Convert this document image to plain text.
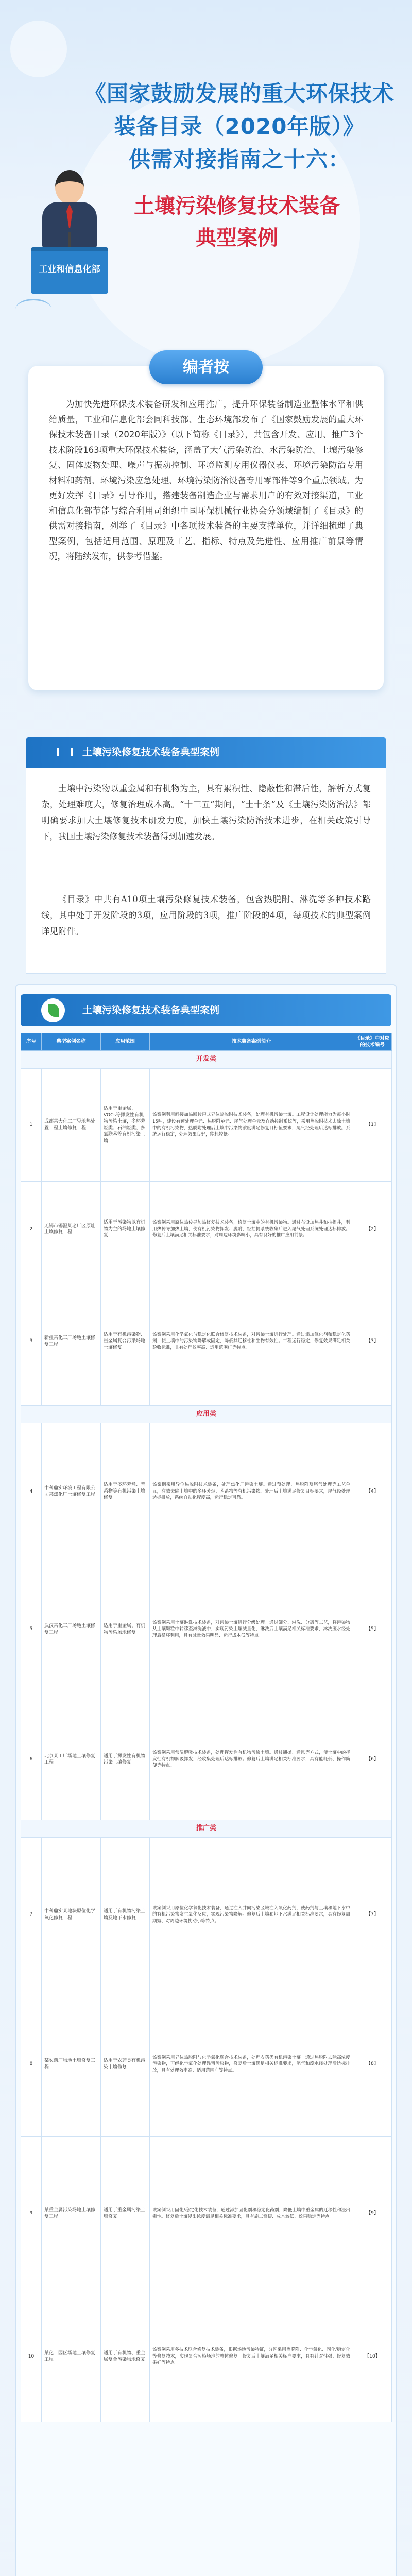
《国家鼓励发展的重大环保技术
装备目录（2020年版）》
供需对接指南之十六：
土壤污染修复技术装备
典型案例
工业和信息化部
编者按
为加快先进环保技术装备研发和应用推广，提升环保装备制造业整体水平和供给质量，工业和信息化部会同科技部、生态环境部发布了《国家鼓励发展的重大环保技术装备目录（2020年版）》（以下简称《目录》），共包含开发、应用、推广3个技术阶段163项重大环保技术装备，涵盖了大气污染防治、水污染防治、土壤污染修复、固体废物处理、噪声与振动控制、环境监测专用仪器仪表、环境污染防治专用材料和药剂、环境污染应急处理、环境污染防治设备专用零部件等9个重点领域。为更好发挥《目录》引导作用，搭建装备制造企业与需求用户的有效对接渠道，工业和信息化部节能与综合利用司组织中国环保机械行业协会分领域编制了《目录》的供需对接指南，列举了《目录》中各项技术装备的主要支撑单位，并详细梳理了典型案例，包括适用范围、原理及工艺、指标、特点及先进性、应用推广前景等情况，将陆续发布，供参考借鉴。
土壤污染修复技术装备典型案例
土壤中污染物以重金属和有机物为主，具有累积性、隐蔽性和滞后性，解析方式复杂，处理难度大，修复治理成本高。“十三五”期间，“土十条”及《土壤污染防治法》都明确要求加大土壤修复技术研发力度，加快土壤污染防治技术进步，在相关政策引导下，我国土壤污染修复技术装备得到加速发展。
《目录》中共有A10项土壤污染修复技术装备，包含热脱附、淋洗等多种技术路线，其中处于开发阶段的3项，应用阶段的3项，推广阶段的4项，每项技术的典型案例详见附件。
土壤污染修复技术装备典型案例
序号	典型案例名称	应用范围	技术装备案例简介	《目录》中对应的技术编号
开发类				
1	成都某大化工厂异地热处置工程土壤修复工程	适用于重金属、VOCs等挥发性有机物污染土壤，多环芳烃类、石油烃类、多氯联苯等有机污染土壤	该案例利用间接加热回转窑式异位热脱附技术装备，处理有机污染土壤。工程设计处理能力为每小时15吨，建设有预处理单元、热脱附单元、尾气处理单元及自动控制系统等，采用热脱附技术去除土壤中的有机污染物，热脱附处理后土壤中污染物浓度满足修复目标值要求，尾气经处理后达标排放。系统运行稳定，处理效果良好，能耗较低。	【1】
2	无锡市锡澄某老厂区原址土壤修复工程	适用于污染物以有机物为主的场地土壤修复	该案例采用原位热传导加热修复技术装备，修复土壤中的有机污染物。通过布设加热井和抽提井，利用热传导加热土壤，使有机污染物挥发、脱附，经抽提系统收集后进入尾气处理系统处理达标排放。修复后土壤满足相关标准要求，对周边环境影响小，具有良好的推广应用前景。	【2】
3	新疆某化工厂场地土壤修复工程	适用于有机污染物、重金属复合污染场地土壤修复	该案例采用化学氧化与稳定化联合修复技术装备，对污染土壤进行处理。通过添加氧化剂和稳定化药剂，使土壤中的污染物降解或固定，降低其迁移性和生物有效性。工程运行稳定，修复效果满足相关验收标准，具有处理效率高、适用范围广等特点。	【3】
应用类				
4	中科鼎实环境工程有限公司某焦化厂土壤修复工程	适用于多环芳烃、苯系物等有机污染土壤修复	该案例采用异位热脱附技术装备，处理焦化厂污染土壤。通过预处理、热脱附及尾气处理等工艺单元，有效去除土壤中的多环芳烃、苯系物等有机污染物。处理后土壤满足修复目标要求，尾气经处理达标排放，系统自动化程度高，运行稳定可靠。	【4】
5	武汉某化工厂场地土壤修复工程	适用于重金属、有机物污染场地修复	该案例采用土壤淋洗技术装备，对污染土壤进行分级处理。通过筛分、淋洗、分离等工艺，将污染物从土壤颗粒中转移至淋洗液中，实现污染土壤减量化，淋洗后土壤满足相关标准要求，淋洗废水经处理后循环利用，具有减量效果明显、运行成本低等特点。	【5】
6	北京某工厂场地土壤修复工程	适用于挥发性有机物污染土壤修复	该案例采用常温解吸技术装备，处理挥发性有机物污染土壤。通过翻抛、通风等方式，使土壤中的挥发性有机物解吸挥发，经收集处理后达标排放。修复后土壤满足相关标准要求，具有能耗低、操作简便等特点。	【6】
推广类				
7	中科鼎实某地块原位化学氧化修复工程	适用于有机物污染土壤及地下水修复	该案例采用原位化学氧化技术装备，通过注入井向污染区域注入氧化药剂，使药剂与土壤和地下水中的有机污染物发生氧化反应，实现污染物降解。修复后土壤和地下水满足相关标准要求，具有修复周期短、对周边环境扰动小等特点。	【7】
8	某农药厂场地土壤修复工程	适用于农药类有机污染土壤修复	该案例采用异位热脱附与化学氧化联合技术装备，处理农药类有机污染土壤。通过热脱附去除高浓度污染物，再经化学氧化处理残留污染物，修复后土壤满足相关标准要求，尾气和废水经处理后达标排放，具有处理效率高、适用范围广等特点。	【8】
9	某重金属污染场地土壤修复工程	适用于重金属污染土壤修复	该案例采用固化/稳定化技术装备，通过添加固化剂和稳定化药剂，降低土壤中重金属的迁移性和浸出毒性。修复后土壤浸出浓度满足相关标准要求，具有施工简便、成本较低、效果稳定等特点。	【9】
10	某化工园区场地土壤修复工程	适用于有机物、重金属复合污染场地修复	该案例采用多技术联合修复技术装备，根据场地污染特征，分区采用热脱附、化学氧化、固化/稳定化等修复技术，实现复合污染场地的整体修复。修复后土壤满足相关标准要求，具有针对性强、修复效果好等特点。	【10】
